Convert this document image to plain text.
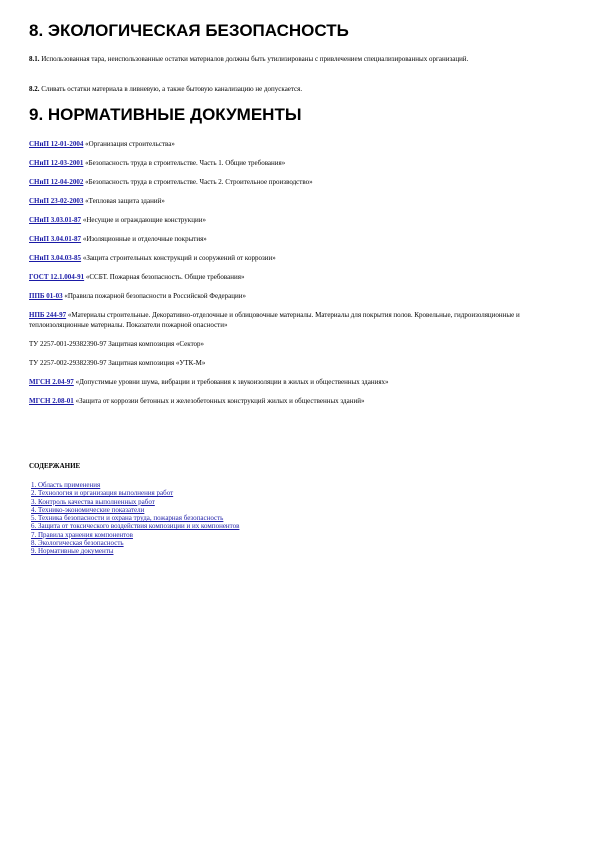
8. ЭКОЛОГИЧЕСКАЯ БЕЗОПАСНОСТЬ
8.1. Использованная тара, неиспользованные остатки материалов должны быть утилизированы с привлечением специализированных организаций.
8.2. Сливать остатки материала в ливневую, а также бытовую канализацию не допускается.
9. НОРМАТИВНЫЕ ДОКУМЕНТЫ
СНиП 12-01-2004 «Организация строительства»
СНиП 12-03-2001 «Безопасность труда в строительстве. Часть 1. Общие требования»
СНиП 12-04-2002 «Безопасность труда в строительстве. Часть 2. Строительное производство»
СНиП 23-02-2003 «Тепловая защита зданий»
СНиП 3.03.01-87 «Несущие и ограждающие конструкции»
СНиП 3.04.01-87 «Изоляционные и отделочные покрытия»
СНиП 3.04.03-85 «Защита строительных конструкций и сооружений от коррозии»
ГОСТ 12.1.004-91 «ССБТ. Пожарная безопасность. Общие требования»
ППБ 01-03 «Правила пожарной безопасности в Российской Федерации»
НПБ 244-97 «Материалы строительные. Декоративно-отделочные и облицовочные материалы. Материалы для покрытия полов. Кровельные, гидроизоляционные и теплоизоляционные материалы. Показатели пожарной опасности»
ТУ 2257-001-29382390-97 Защитная композиция «Сектор»
ТУ 2257-002-29382390-97 Защитная композиция «УТК-М»
МГСН 2.04-97 «Допустимые уровни шума, вибрации и требования к звукоизоляции в жилых и общественных зданиях»
МГСН 2.08-01 «Защита от коррозии бетонных и железобетонных конструкций жилых и общественных зданий»
СОДЕРЖАНИЕ
1. Область применения
2. Технология и организация выполнения работ
3. Контроль качества выполненных работ
4. Технико-экономические показатели
5. Техника безопасности и охрана труда, пожарная безопасность
6. Защита от токсического воздействия композиции и их компонентов
7. Правила хранения компонентов
8. Экологическая безопасность
9. Нормативные документы
